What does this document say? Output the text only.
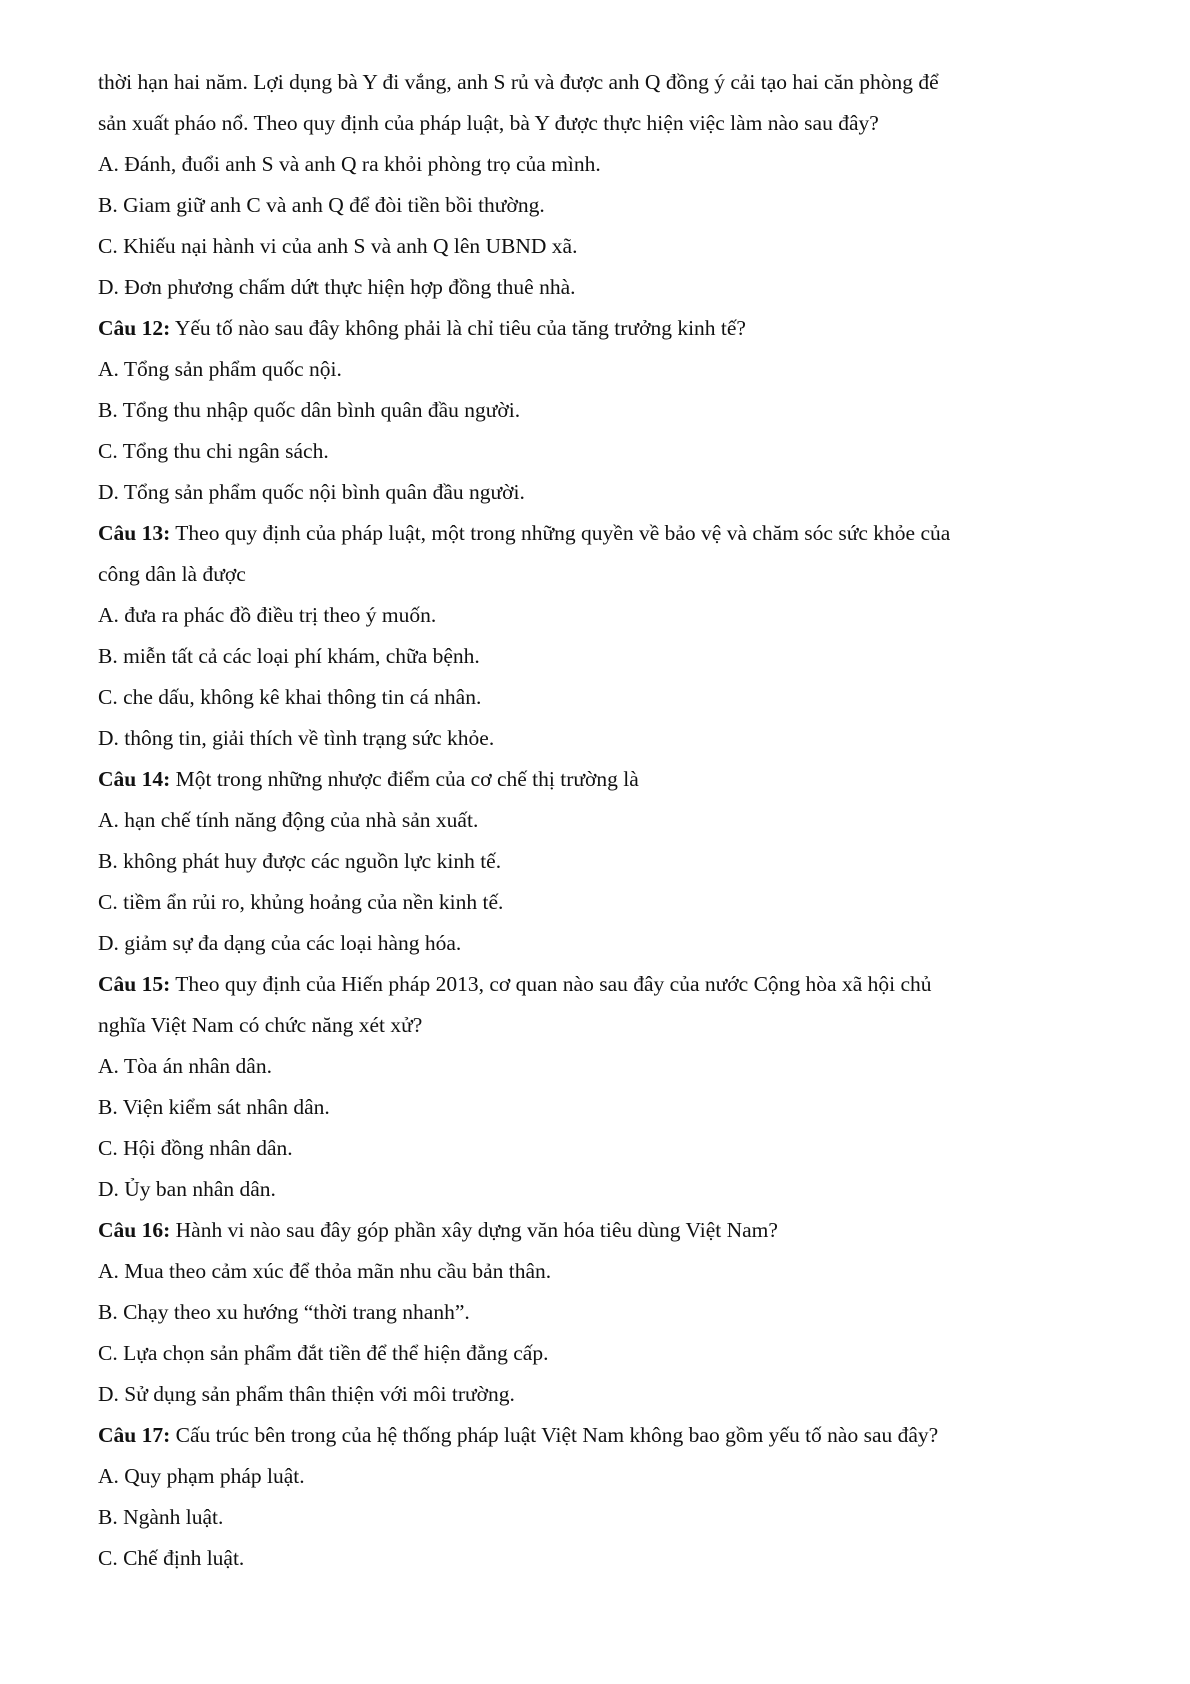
thời hạn hai năm. Lợi dụng bà Y đi vắng, anh S rủ và được anh Q đồng ý cải tạo hai căn phòng để
sản xuất pháo nổ. Theo quy định của pháp luật, bà Y được thực hiện việc làm nào sau đây?
A. Đánh, đuổi anh S và anh Q ra khỏi phòng trọ của mình.
B. Giam giữ anh C và anh Q để đòi tiền bồi thường.
C. Khiếu nại hành vi của anh S và anh Q lên UBND xã.
D. Đơn phương chấm dứt thực hiện hợp đồng thuê nhà.
Câu 12: Yếu tố nào sau đây không phải là chỉ tiêu của tăng trưởng kinh tế?
A. Tổng sản phẩm quốc nội.
B. Tổng thu nhập quốc dân bình quân đầu người.
C. Tổng thu chi ngân sách.
D. Tổng sản phẩm quốc nội bình quân đầu người.
Câu 13: Theo quy định của pháp luật, một trong những quyền về bảo vệ và chăm sóc sức khỏe của
công dân là được
A. đưa ra phác đồ điều trị theo ý muốn.
B. miễn tất cả các loại phí khám, chữa bệnh.
C. che dấu, không kê khai thông tin cá nhân.
D. thông tin, giải thích về tình trạng sức khỏe.
Câu 14: Một trong những nhược điểm của cơ chế thị trường là
A. hạn chế tính năng động của nhà sản xuất.
B. không phát huy được các nguồn lực kinh tế.
C. tiềm ẩn rủi ro, khủng hoảng của nền kinh tế.
D. giảm sự đa dạng của các loại hàng hóa.
Câu 15: Theo quy định của Hiến pháp 2013, cơ quan nào sau đây của nước Cộng hòa xã hội chủ
nghĩa Việt Nam có chức năng xét xử?
A. Tòa án nhân dân.
B. Viện kiểm sát nhân dân.
C. Hội đồng nhân dân.
D. Ủy ban nhân dân.
Câu 16: Hành vi nào sau đây góp phần xây dựng văn hóa tiêu dùng Việt Nam?
A. Mua theo cảm xúc để thỏa mãn nhu cầu bản thân.
B. Chạy theo xu hướng “thời trang nhanh”.
C. Lựa chọn sản phẩm đắt tiền để thể hiện đẳng cấp.
D. Sử dụng sản phẩm thân thiện với môi trường.
Câu 17: Cấu trúc bên trong của hệ thống pháp luật Việt Nam không bao gồm yếu tố nào sau đây?
A. Quy phạm pháp luật.
B. Ngành luật.
C. Chế định luật.
